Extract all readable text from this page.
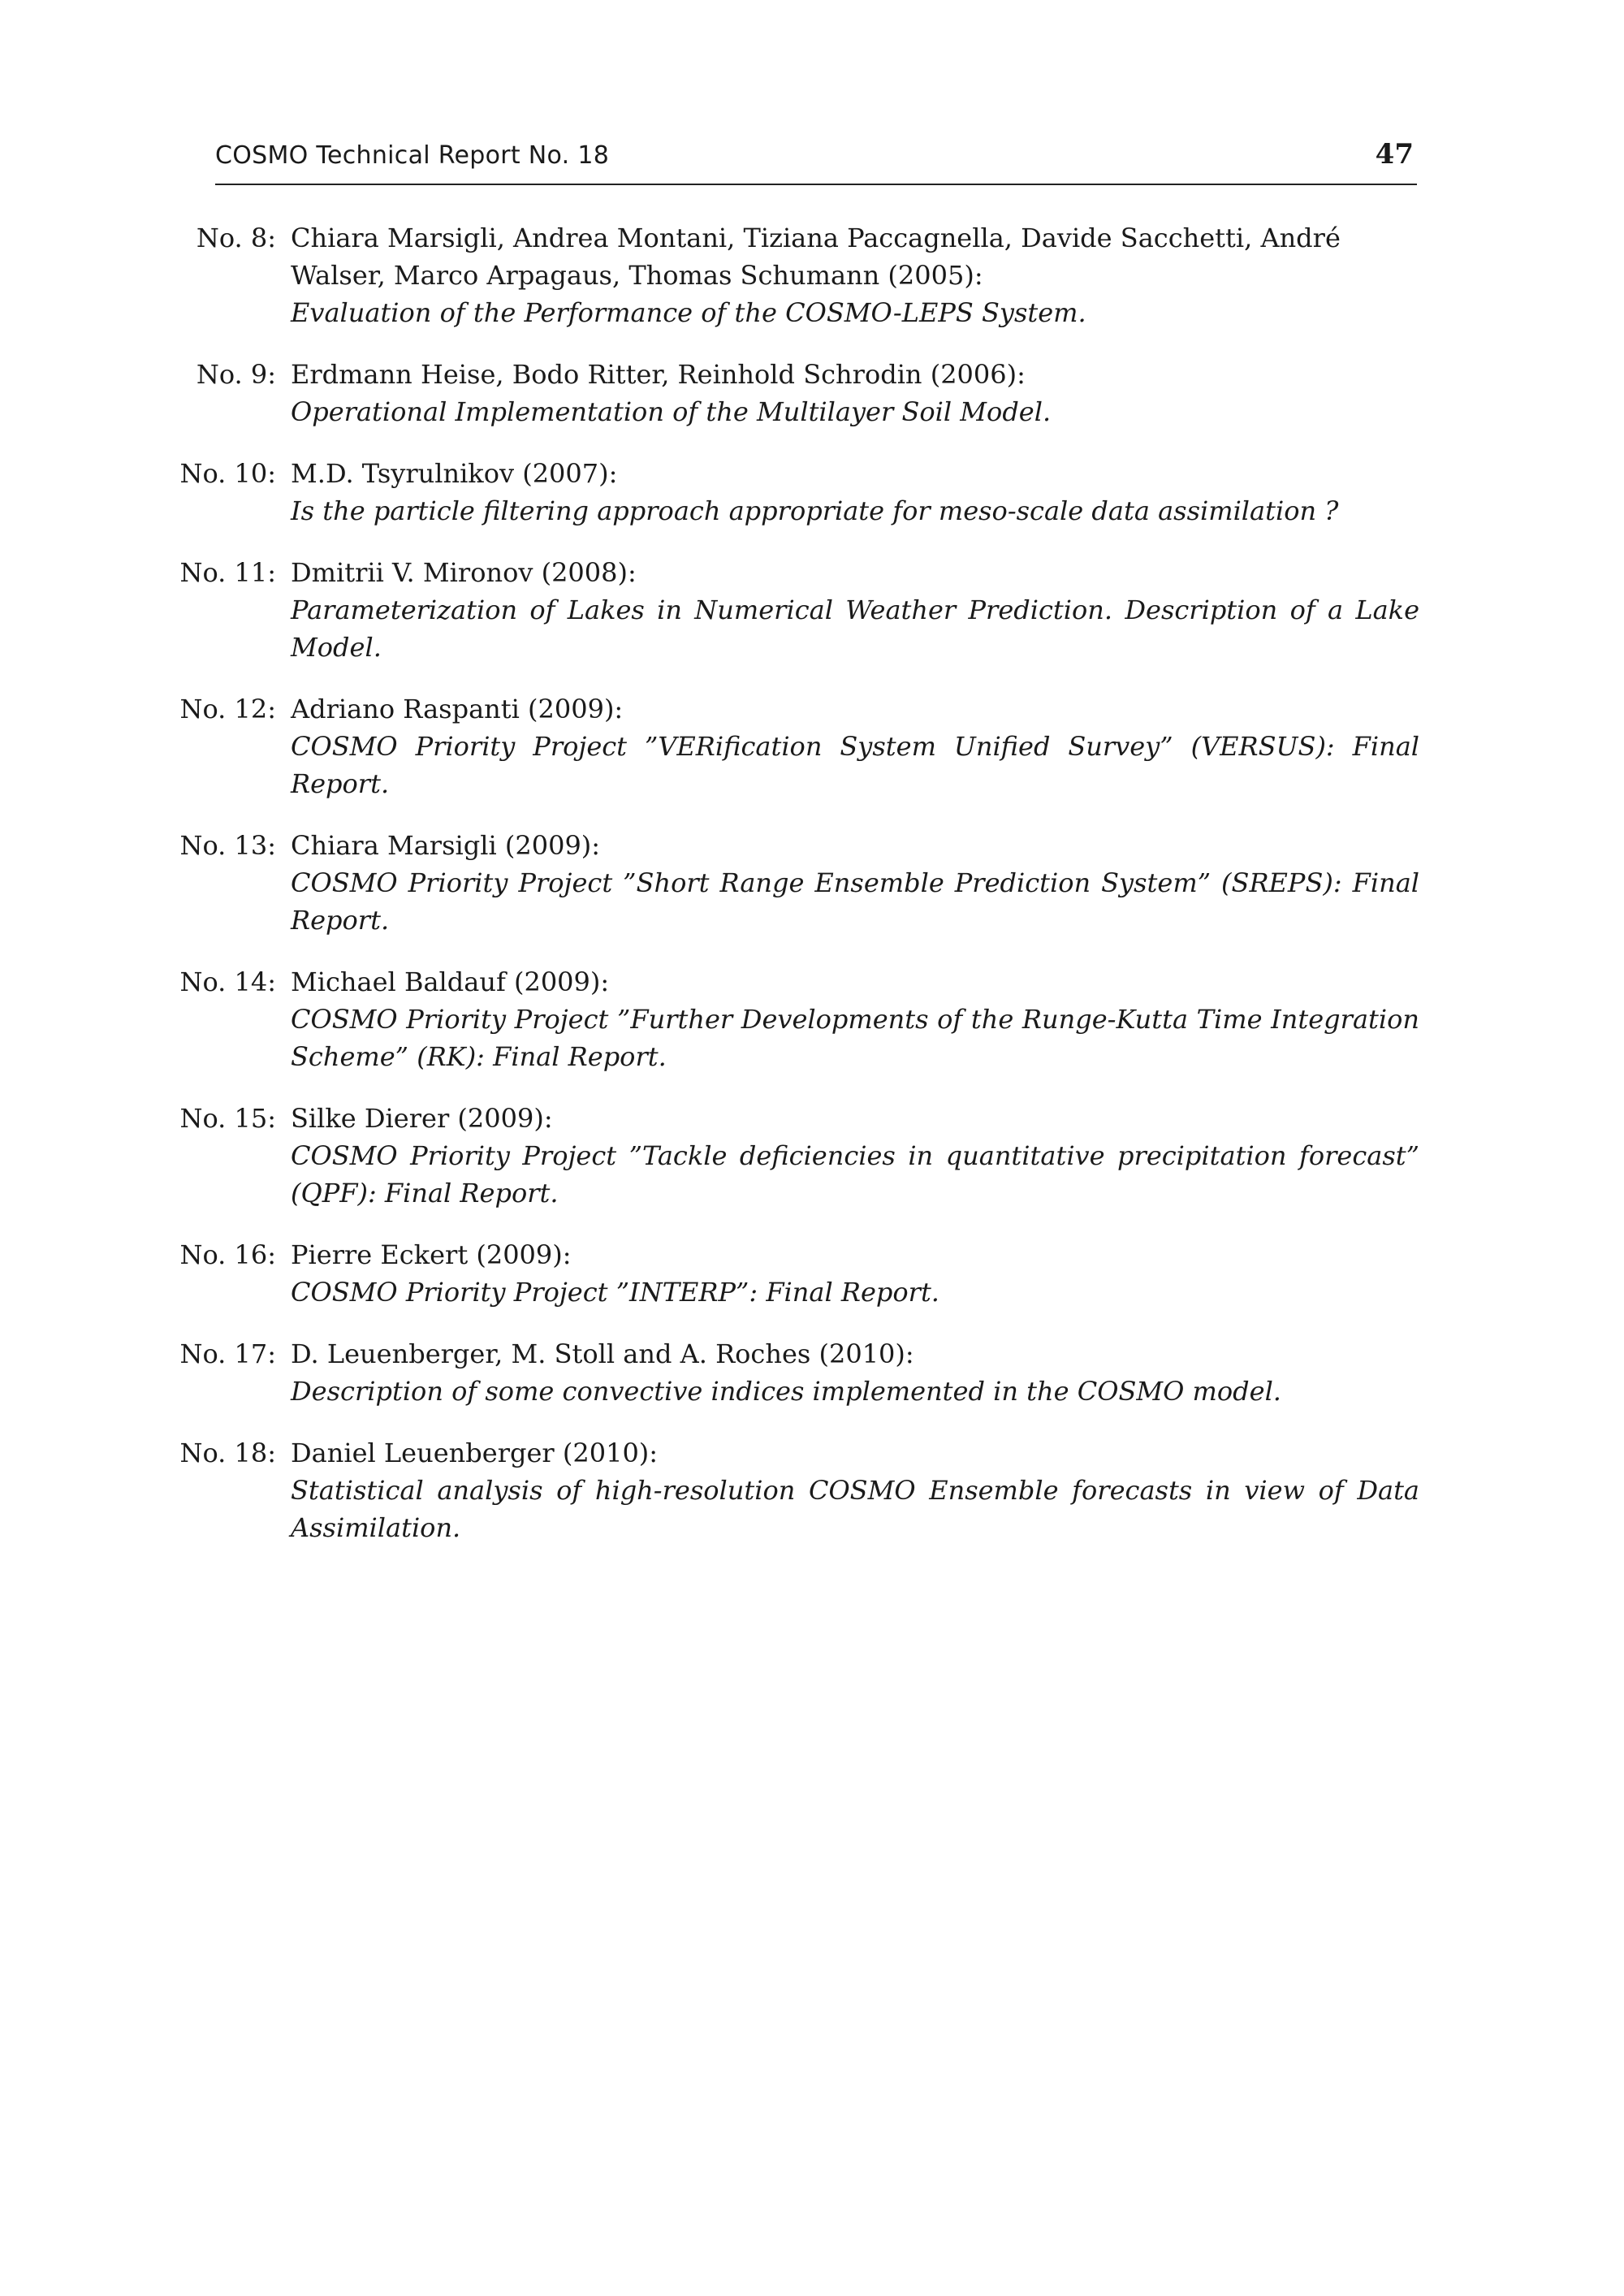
COSMO Technical Report No. 18	47
No. 8: Chiara Marsigli, Andrea Montani, Tiziana Paccagnella, Davide Sacchetti, André Walser, Marco Arpagaus, Thomas Schumann (2005):
Evaluation of the Performance of the COSMO-LEPS System.
No. 9: Erdmann Heise, Bodo Ritter, Reinhold Schrodin (2006):
Operational Implementation of the Multilayer Soil Model.
No. 10: M.D. Tsyrulnikov (2007):
Is the particle filtering approach appropriate for meso-scale data assimilation ?
No. 11: Dmitrii V. Mironov (2008):
Parameterization of Lakes in Numerical Weather Prediction. Description of a Lake Model.
No. 12: Adriano Raspanti (2009):
COSMO Priority Project ”VERification System Unified Survey” (VERSUS): Final Report.
No. 13: Chiara Marsigli (2009):
COSMO Priority Project ”Short Range Ensemble Prediction System” (SREPS): Final Report.
No. 14: Michael Baldauf (2009):
COSMO Priority Project ”Further Developments of the Runge-Kutta Time Integration Scheme” (RK): Final Report.
No. 15: Silke Dierer (2009):
COSMO Priority Project ”Tackle deficiencies in quantitative precipitation forecast” (QPF): Final Report.
No. 16: Pierre Eckert (2009):
COSMO Priority Project ”INTERP”: Final Report.
No. 17: D. Leuenberger, M. Stoll and A. Roches (2010):
Description of some convective indices implemented in the COSMO model.
No. 18: Daniel Leuenberger (2010):
Statistical analysis of high-resolution COSMO Ensemble forecasts in view of Data Assimilation.
